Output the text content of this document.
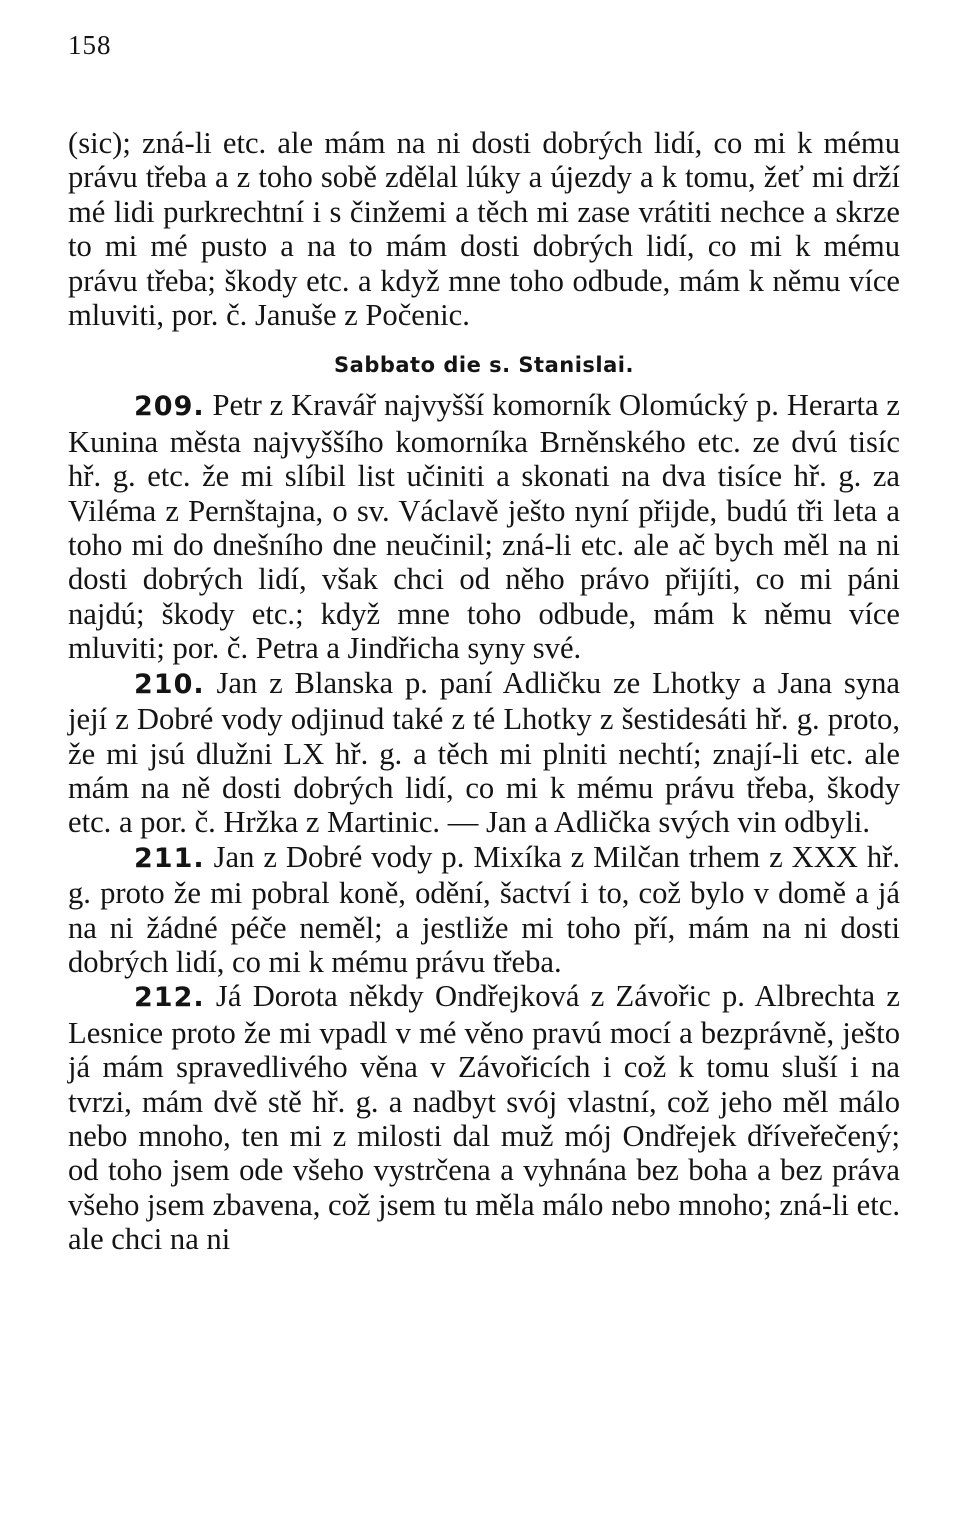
158

(sic); zná-li etc. ale mám na ni dosti dobrých lidí, co mi k mému právu třeba a z toho sobě zdělal lúky a újezdy a k tomu, žeť mi drží mé lidi purkrechtní i s činžemi a těch mi zase vrátiti nechce a skrze to mi mé pusto a na to mám dosti dobrých lidí, co mi k mému právu třeba; škody etc. a když mne toho odbude, mám k němu více mluviti, por. č. Januše z Počenic.

Sabbato die s. Stanislai.

209. Petr z Kravář najvyšší komorník Olomúcký p. Herarta z Kunina města najvyššího komorníka Brněnského etc. ze dvú tisíc hř. g. etc. že mi slíbil list učiniti a skonati na dva tisíce hř. g. za Viléma z Pernštajna, o sv. Václavě ješto nyní přijde, budú tři leta a toho mi do dnešního dne neučinil; zná-li etc. ale ač bych měl na ni dosti dobrých lidí, však chci od něho právo přijíti, co mi páni najdú; škody etc.; když mne toho odbude, mám k němu více mluviti; por. č. Petra a Jindřicha syny své.

210. Jan z Blanska p. paní Adličku ze Lhotky a Jana syna její z Dobré vody odjinud také z té Lhotky z šestidesáti hř. g. proto, že mi jsú dlužni LX hř. g. a těch mi plniti nechtí; znají-li etc. ale mám na ně dosti dobrých lidí, co mi k mému právu třeba, škody etc. a por. č. Hržka z Martinic. — Jan a Adlička svých vin odbyli.

211. Jan z Dobré vody p. Mixíka z Milčan trhem z XXX hř. g. proto že mi pobral koně, odění, šactví i to, což bylo v domě a já na ni žádné péče neměl; a jestliže mi toho pří, mám na ni dosti dobrých lidí, co mi k mému právu třeba.

212. Já Dorota někdy Ondřejková z Závořic p. Albrechta z Lesnice proto že mi vpadl v mé věno pravú mocí a bezprávně, ješto já mám spravedlivého věna v Závořicích i což k tomu sluší i na tvrzi, mám dvě stě hř. g. a nadbyt svój vlastní, což jeho měl málo nebo mnoho, ten mi z milosti dal muž mój Ondřejek dříveřečený; od toho jsem ode všeho vystrčena a vyhnána bez boha a bez práva všeho jsem zbavena, což jsem tu měla málo nebo mnoho; zná-li etc. ale chci na ni
